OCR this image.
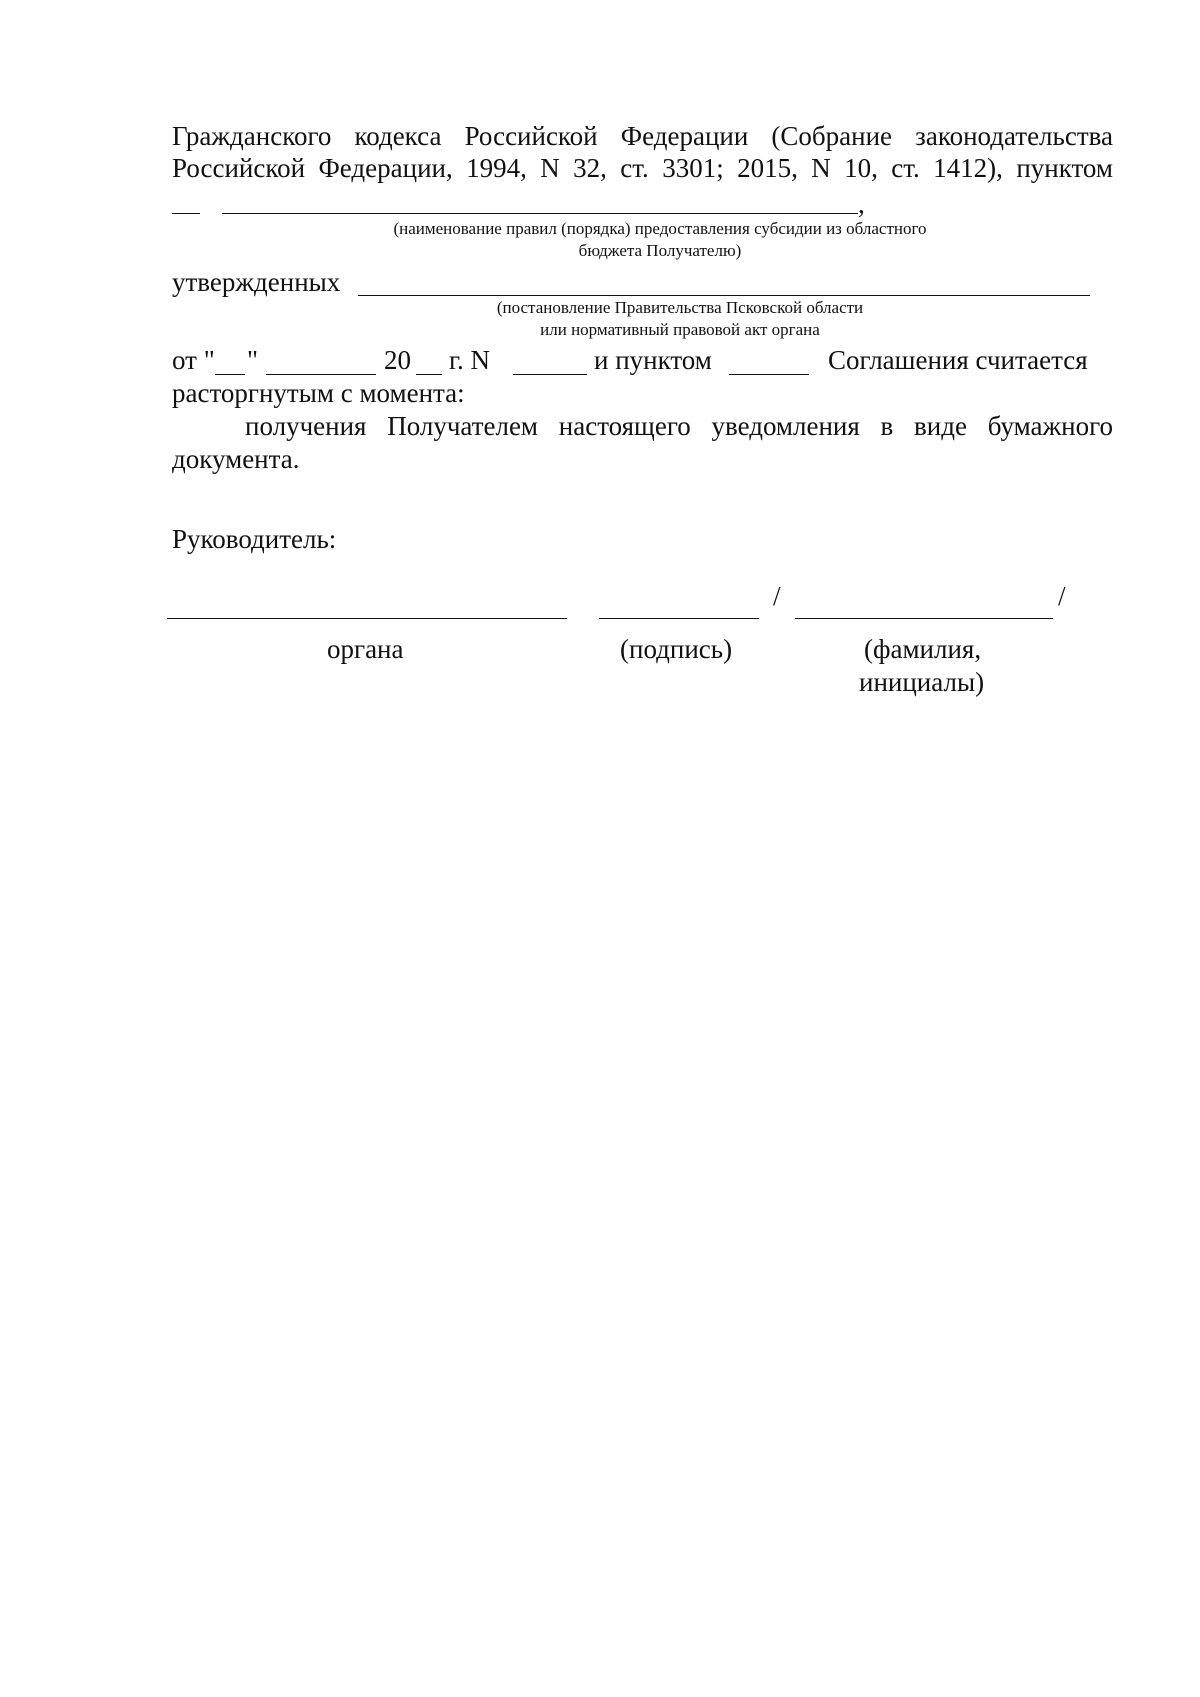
Гражданского кодекса Российской Федерации (Собрание законодательства
Российской Федерации, 1994, N 32, ст. 3301; 2015, N 10, ст. 1412), пунктом
,
(наименование правил (порядка) предоставления субсидии из областного
бюджета Получателю)
утвержденных
(постановление Правительства Псковской области
или нормативный правовой акт органа
от " "	20 г. N	и пунктом	Соглашения считается
расторгнутым с момента:
получения Получателем настоящего уведомления в виде бумажного
документа.
Руководитель:
/	/
органа	(подпись)	(фамилия,
инициалы)
